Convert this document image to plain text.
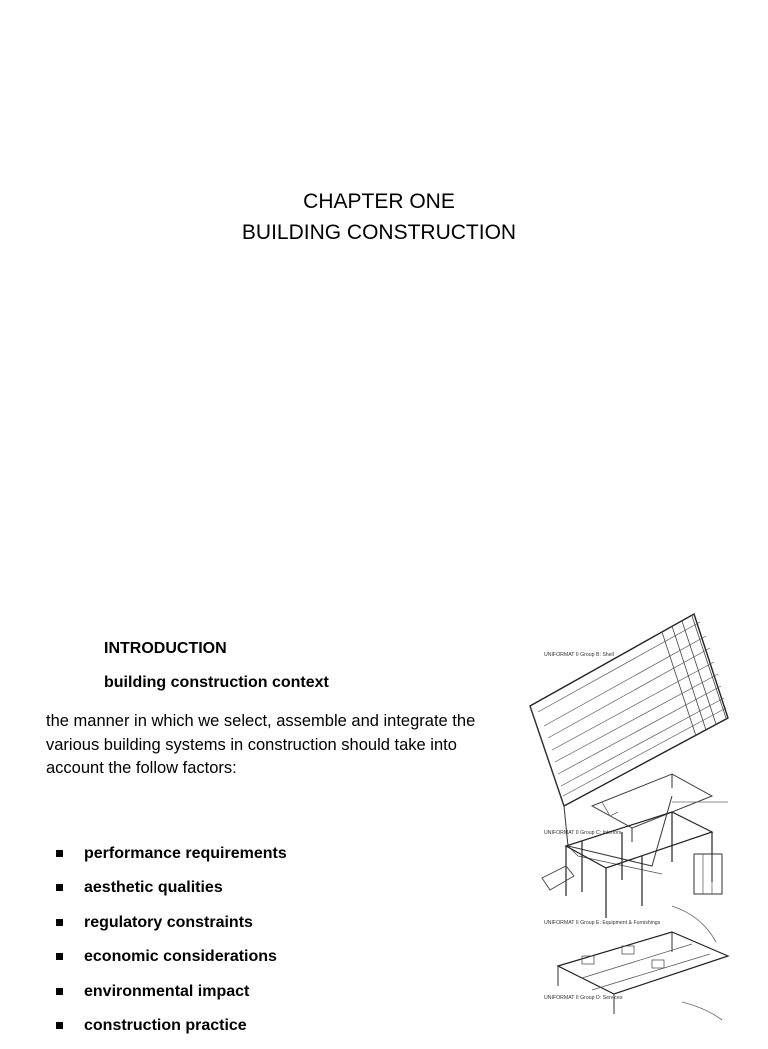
CHAPTER ONE
BUILDING CONSTRUCTION
INTRODUCTION
building construction context
the manner in which we select, assemble and integrate the various building systems in construction should take into account the follow factors:
performance requirements
aesthetic qualities
regulatory constraints
economic considerations
environmental impact
construction practice
UNIFORMAT II Group B: Shell
UNIFORMAT II Group C: Interiors
UNIFORMAT II Group E: Equipment & Furnishings
UNIFORMAT II Group D: Services
